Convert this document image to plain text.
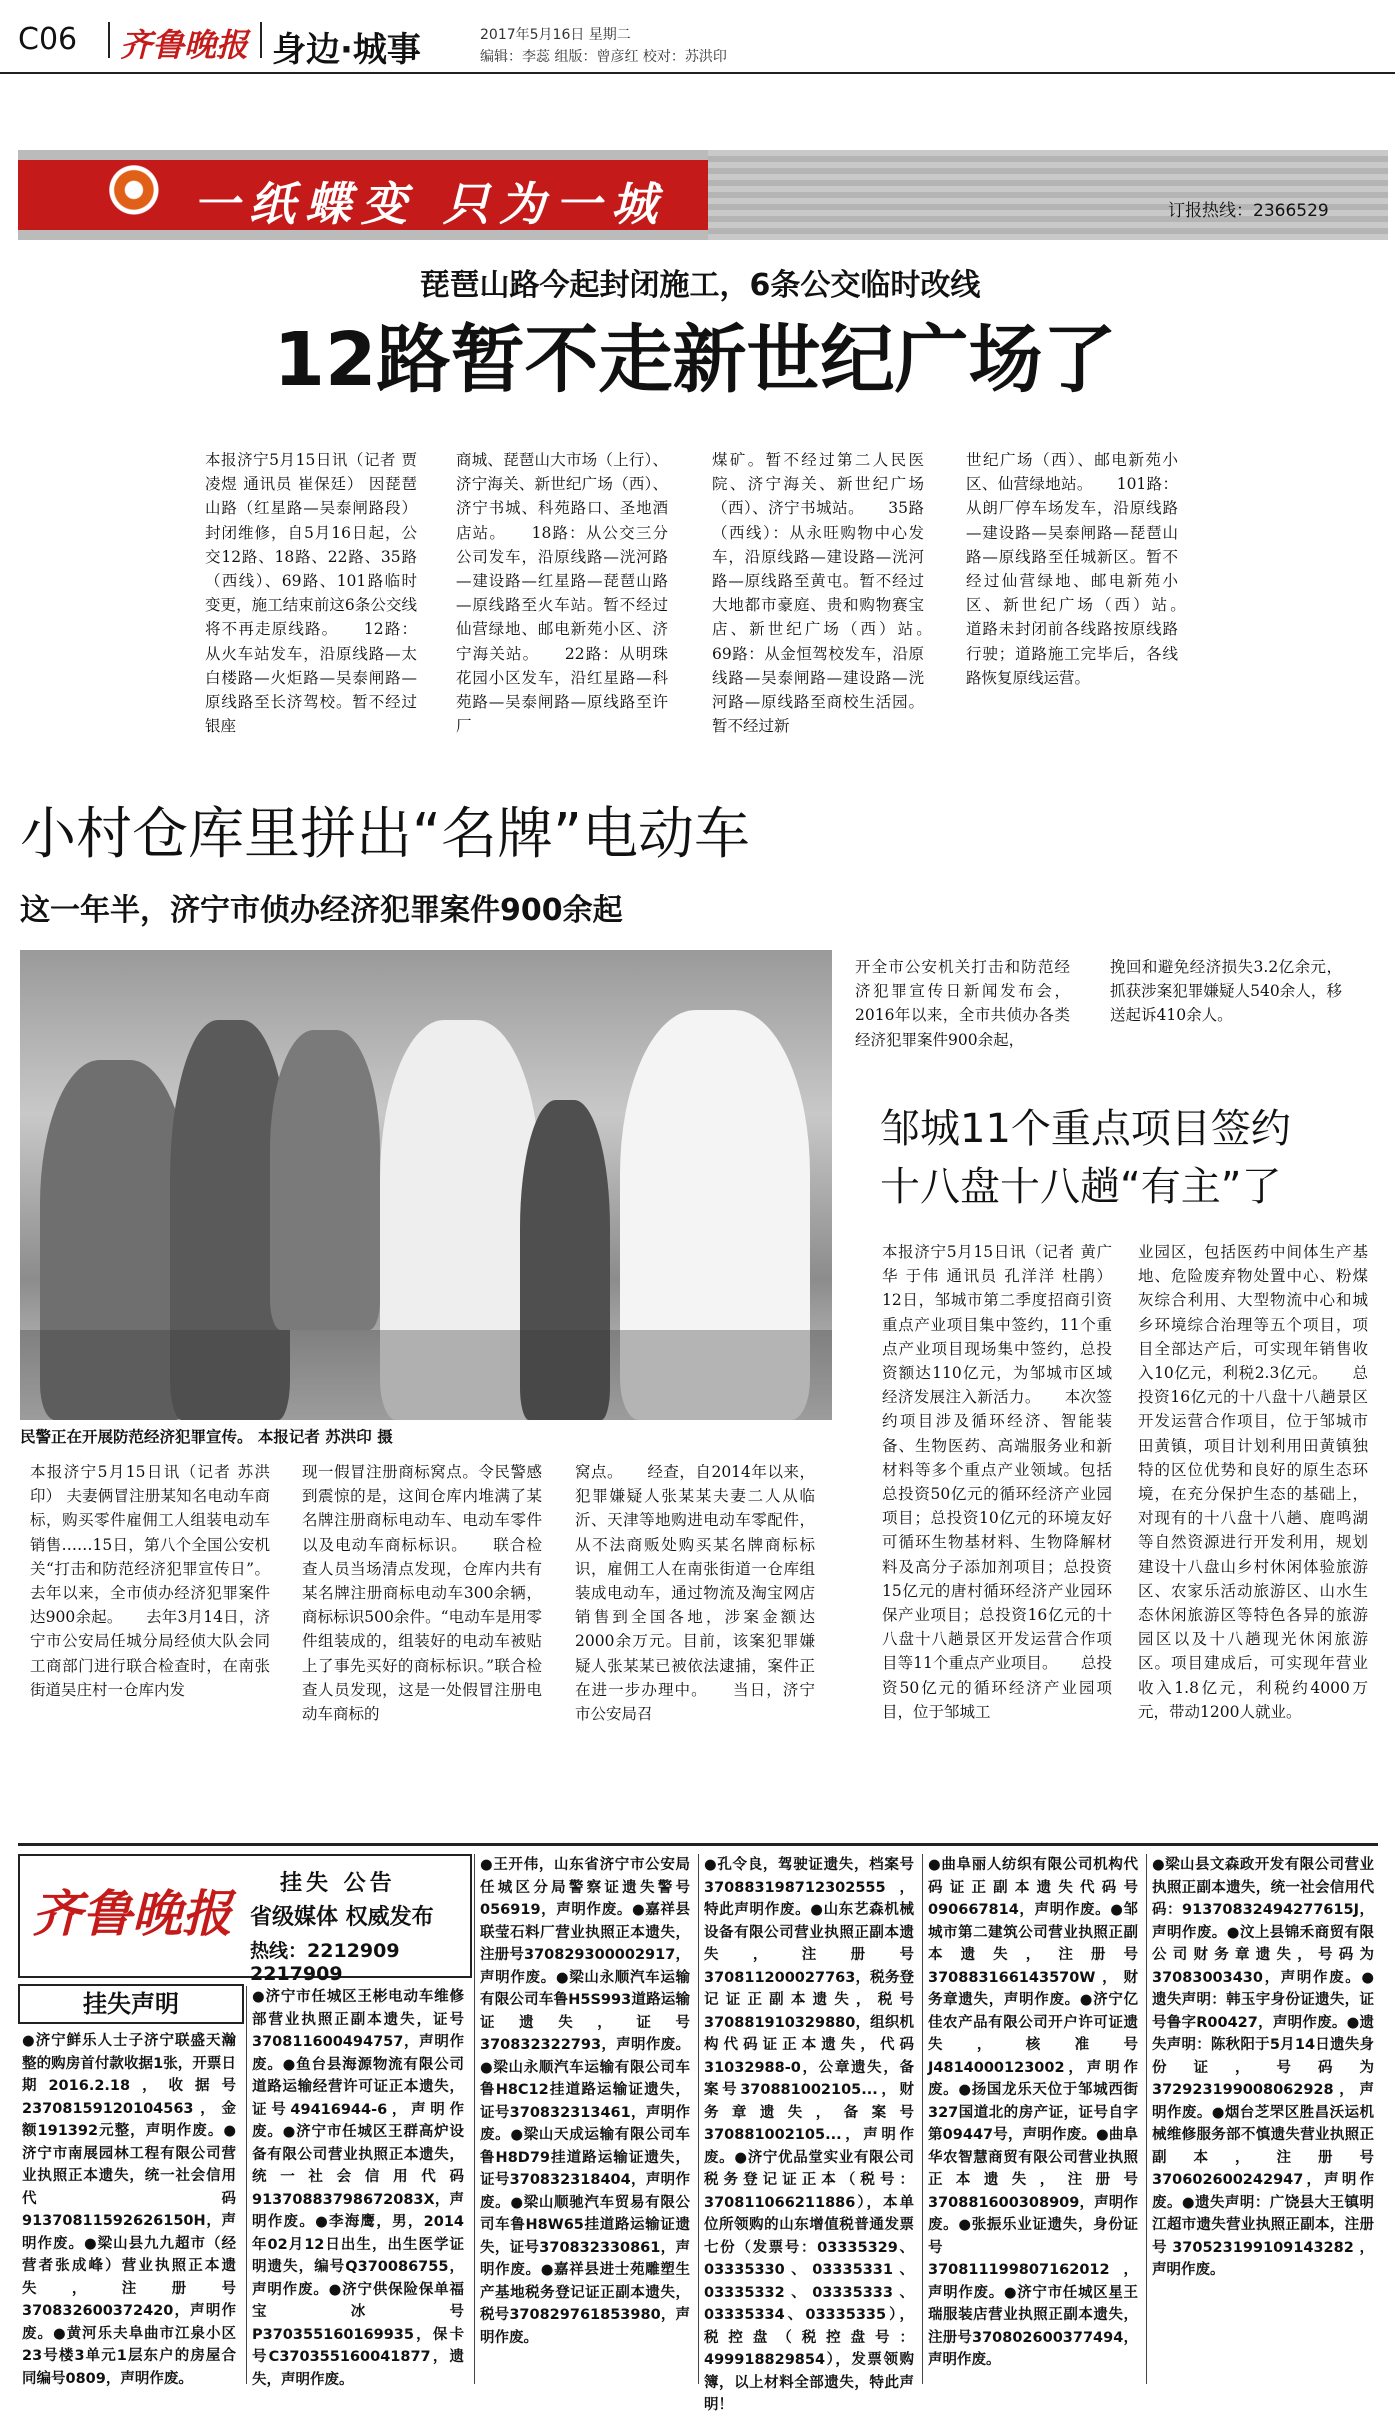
C06 齐鲁晚报 身边·城事	2017年5月16日 星期二
编辑：李蕊 组版：曾彦红 校对：苏洪印
一纸蝶变 只为一城	订报热线：2366529
琵琶山路今起封闭施工，6条公交临时改线
12路暂不走新世纪广场了
本报济宁5月15日讯（记者 贾凌煜 通讯员 崔保廷） 因琵琶山路（红星路—吴泰闸路段）封闭维修，自5月16日起，公交12路、18路、22路、35路（西线）、69路、101路临时变更，施工结束前这6条公交线将不再走原线路。　　12路：从火车站发车，沿原线路—太白楼路—火炬路—吴泰闸路—原线路至长济驾校。暂不经过银座
商城、琵琶山大市场（上行）、济宁海关、新世纪广场（西）、济宁书城、科苑路口、圣地酒店站。　　18路：从公交三分公司发车，沿原线路—洸河路—建设路—红星路—琵琶山路—原线路至火车站。暂不经过仙营绿地、邮电新苑小区、济宁海关站。　　22路：从明珠花园小区发车，沿红星路—科苑路—吴泰闸路—原线路至许厂
煤矿。暂不经过第二人民医院、济宁海关、新世纪广场（西）、济宁书城站。　　35路（西线）：从永旺购物中心发车，沿原线路—建设路—洸河路—原线路至黄屯。暂不经过大地都市豪庭、贵和购物赛宝店、新世纪广场（西）站。　　69路：从金恒驾校发车，沿原线路—吴泰闸路—建设路—洸河路—原线路至商校生活园。暂不经过新
世纪广场（西）、邮电新苑小区、仙营绿地站。　　101路：从朗厂停车场发车，沿原线路—建设路—吴泰闸路—琵琶山路—原线路至任城新区。暂不经过仙营绿地、邮电新苑小区、新世纪广场（西）站。　　道路未封闭前各线路按原线路行驶；道路施工完毕后，各线路恢复原线运营。
小村仓库里拼出“名牌”电动车
这一年半，济宁市侦办经济犯罪案件900余起
民警正在开展防范经济犯罪宣传。 本报记者 苏洪印 摄
开全市公安机关打击和防范经济犯罪宣传日新闻发布会，2016年以来，全市共侦办各类经济犯罪案件900余起，
挽回和避免经济损失3.2亿余元，抓获涉案犯罪嫌疑人540余人，移送起诉410余人。
本报济宁5月15日讯（记者 苏洪印） 夫妻俩冒注册某知名电动车商标，购买零件雇佣工人组装电动车销售……15日，第八个全国公安机关“打击和防范经济犯罪宣传日”。去年以来，全市侦办经济犯罪案件达900余起。　　去年3月14日，济宁市公安局任城分局经侦大队会同工商部门进行联合检查时，在南张街道吴庄村一仓库内发
现一假冒注册商标窝点。令民警感到震惊的是，这间仓库内堆满了某名牌注册商标电动车、电动车零件以及电动车商标标识。　　联合检查人员当场清点发现，仓库内共有某名牌注册商标电动车300余辆，商标标识500余件。“电动车是用零件组装成的，组装好的电动车被贴上了事先买好的商标标识。”联合检查人员发现，这是一处假冒注册电动车商标的
窝点。　　经查，自2014年以来，犯罪嫌疑人张某某夫妻二人从临沂、天津等地购进电动车零配件，从不法商贩处购买某名牌商标标识，雇佣工人在南张街道一仓库组装成电动车，通过物流及淘宝网店销售到全国各地，涉案金额达2000余万元。目前，该案犯罪嫌疑人张某某已被依法逮捕，案件正在进一步办理中。　　当日，济宁市公安局召
邹城11个重点项目签约
十八盘十八趟“有主”了
本报济宁5月15日讯（记者 黄广华 于伟 通讯员 孔洋洋 杜鹃） 12日，邹城市第二季度招商引资重点产业项目集中签约，11个重点产业项目现场集中签约，总投资额达110亿元，为邹城市区域经济发展注入新活力。　　本次签约项目涉及循环经济、智能装备、生物医药、高端服务业和新材料等多个重点产业领域。包括总投资50亿元的循环经济产业园项目；总投资10亿元的环境友好可循环生物基材料、生物降解材料及高分子添加剂项目；总投资15亿元的唐村循环经济产业园环保产业项目；总投资16亿元的十八盘十八趟景区开发运营合作项目等11个重点产业项目。　　总投资50亿元的循环经济产业园项目，位于邹城工
业园区，包括医药中间体生产基地、危险废弃物处置中心、粉煤灰综合利用、大型物流中心和城乡环境综合治理等五个项目，项目全部达产后，可实现年销售收入10亿元，利税2.3亿元。　　总投资16亿元的十八盘十八趟景区开发运营合作项目，位于邹城市田黄镇，项目计划利用田黄镇独特的区位优势和良好的原生态环境，在充分保护生态的基础上，对现有的十八盘十八趟、鹿鸣湖等自然资源进行开发利用，规划建设十八盘山乡村休闲体验旅游区、农家乐活动旅游区、山水生态休闲旅游区等特色各异的旅游园区以及十八趟现光休闲旅游区。项目建成后，可实现年营业收入1.8亿元，利税约4000万元，带动1200人就业。
齐鲁晚报
挂失 公告
省级媒体 权威发布
热线：2212909 2217909
挂失声明
●济宁鲜乐人士子济宁联盛天瀚整的购房首付款收据1张，开票日期2016.2.18，收据号23708159120104563，金额191392元整，声明作废。●济宁市南展园林工程有限公司营业执照正本遗失，统一社会信用代码91370811592626150H，声明作废。●梁山县九九超市（经营者张成峰）营业执照正本遗失，注册号370832600372420，声明作废。●黄河乐夫阜曲市江泉小区23号楼3单元1层东户的房屋合同编号0809，声明作废。
●济宁市任城区王彬电动车维修部营业执照正副本遗失，证号370811600494757，声明作废。●鱼台县海源物流有限公司道路运输经营许可证正本遗失，证号49416944-6，声明作废。●济宁市任城区王群高炉设备有限公司营业执照正本遗失，统一社会信用代码91370883798672083X，声明作废。●李海鹰，男，2014年02月12日出生，出生医学证明遗失，编号Q370086755，声明作废。●济宁供保险保单福宝冰号P370355160169935，保卡号C370355160041877，遗失，声明作废。
●王开伟，山东省济宁市公安局任城区分局警察证遗失警号056919，声明作废。●嘉祥县联莹石料厂营业执照正本遗失，注册号370829300002917，声明作废。●梁山永顺汽车运输有限公司车鲁H5S993道路运输证遗失，证号370832322793，声明作废。●梁山永顺汽车运输有限公司车鲁H8C12挂道路运输证遗失，证号370832313461，声明作废。●梁山天成运输有限公司车鲁H8D79挂道路运输证遗失，证号370832318404，声明作废。●梁山顺驰汽车贸易有限公司车鲁H8W65挂道路运输证遗失，证号370832330861，声明作废。●嘉祥县进士苑雕塑生产基地税务登记证正副本遗失，税号370829761853980，声明作废。
●孔令良，驾驶证遗失，档案号370883198712302555，特此声明作废。●山东艺森机械设备有限公司营业执照正副本遗失，注册号370811200027763，税务登记证正副本遗失，税号370881910329880，组织机构代码证正本遗失，代码31032988-0，公章遗失，备案号370881002105...，财务章遗失，备案号370881002105...，声明作废。●济宁优品堂实业有限公司税务登记证正本（税号：370811066211886），本单位所领购的山东增值税普通发票七份（发票号：03335329、03335330、03335331、03335332、03335333、03335334、03335335），税控盘（税控盘号：499918829854），发票领购簿，以上材料全部遗失，特此声明！
●曲阜丽人纺织有限公司机构代码证正副本遗失代码号090667814，声明作废。●邹城市第二建筑公司营业执照正副本遗失，注册号370883166143570W，财务章遗失，声明作废。●济宁亿佳农产品有限公司开户许可证遗失，核准号J4814000123002，声明作废。●扬国龙乐天位于邹城西街327国道北的房产证，证号自字第09447号，声明作废。●曲阜华农智慧商贸有限公司营业执照正本遗失，注册号370881600308909，声明作废。●张振乐业证遗失，身份证号370811199807162012，声明作废。●济宁市任城区星王瑞服装店营业执照正副本遗失，注册号370802600377494，声明作废。
●梁山县文森政开发有限公司营业执照正副本遗失，统一社会信用代码：91370832494277615J，声明作废。●汶上县锦禾商贸有限公司财务章遗失，号码为37083003430，声明作废。●遗失声明：韩玉宇身份证遗失，证号鲁字R00427，声明作废。●遗失声明：陈秋阳于5月14日遗失身份证，号码为372923199008062928，声明作废。●烟台芝罘区胜昌沃运机械维修服务部不慎遗失营业执照正副本，注册号370602600242947，声明作废。●遗失声明：广饶县大王镇明江超市遗失营业执照正副本，注册号370523199109143282，声明作废。
